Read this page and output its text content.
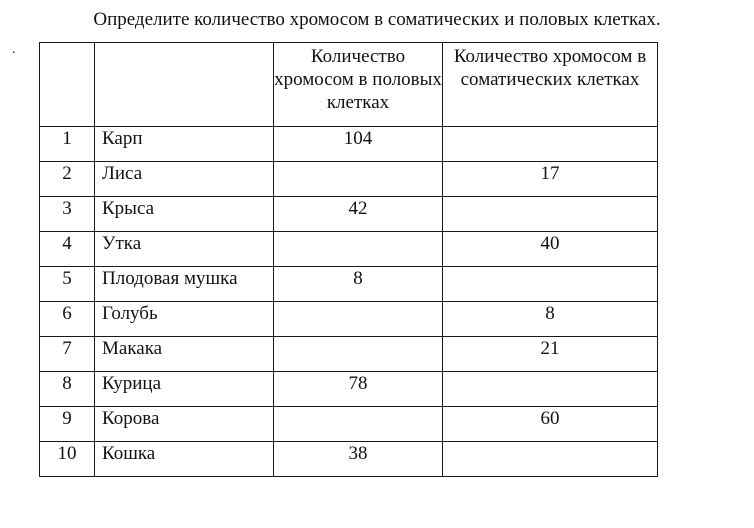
Определите количество хромосом в соматических и половых клетках.
.

		Количество хромосом в половых клетках	Количество хромосом в соматических клетках

1	Карп	104	
2	Лиса		17
3	Крыса	42	
4	Утка		40
5	Плодовая мушка	8	
6	Голубь		8
7	Макака		21
8	Курица	78	
9	Корова		60
10	Кошка	38	
